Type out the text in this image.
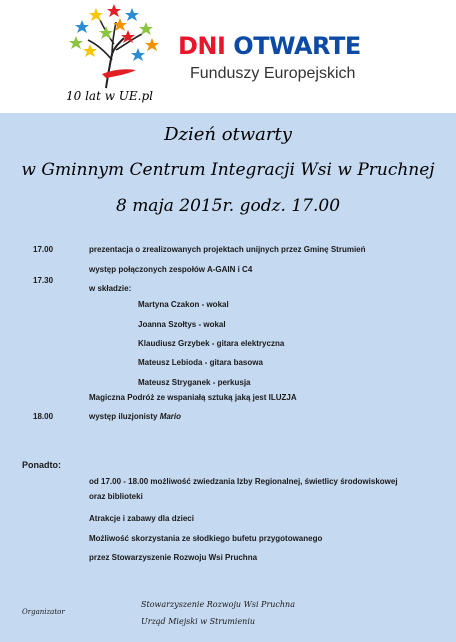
10 lat w UE.pl
DNI OTWARTE
Funduszy Europejskich
Dzień otwarty
w Gminnym Centrum Integracji Wsi w Pruchnej
8 maja 2015r. godz. 17.00
17.00	prezentacja o zrealizowanych projektach unijnych przez Gminę Strumień
występ połączonych zespołów A-GAIN i C4
17.30
w składzie:
Martyna Czakon - wokal
Joanna Szołtys - wokal
Klaudiusz Grzybek - gitara elektryczna
Mateusz Lebioda - gitara basowa
Mateusz Stryganek - perkusja
Magiczna Podróż ze wspaniałą sztuką jaką jest ILUZJA
18.00	występ iluzjonisty Mario
Ponadto:
od 17.00 - 18.00 możliwość zwiedzania Izby Regionalnej, świetlicy środowiskowej
oraz biblioteki
Atrakcje i zabawy dla dzieci
Możliwość skorzystania ze słodkiego bufetu przygotowanego
przez Stowarzyszenie Rozwoju Wsi Pruchna
Organizator
Stowarzyszenie Rozwoju Wsi Pruchna
Urząd Miejski w Strumieniu
